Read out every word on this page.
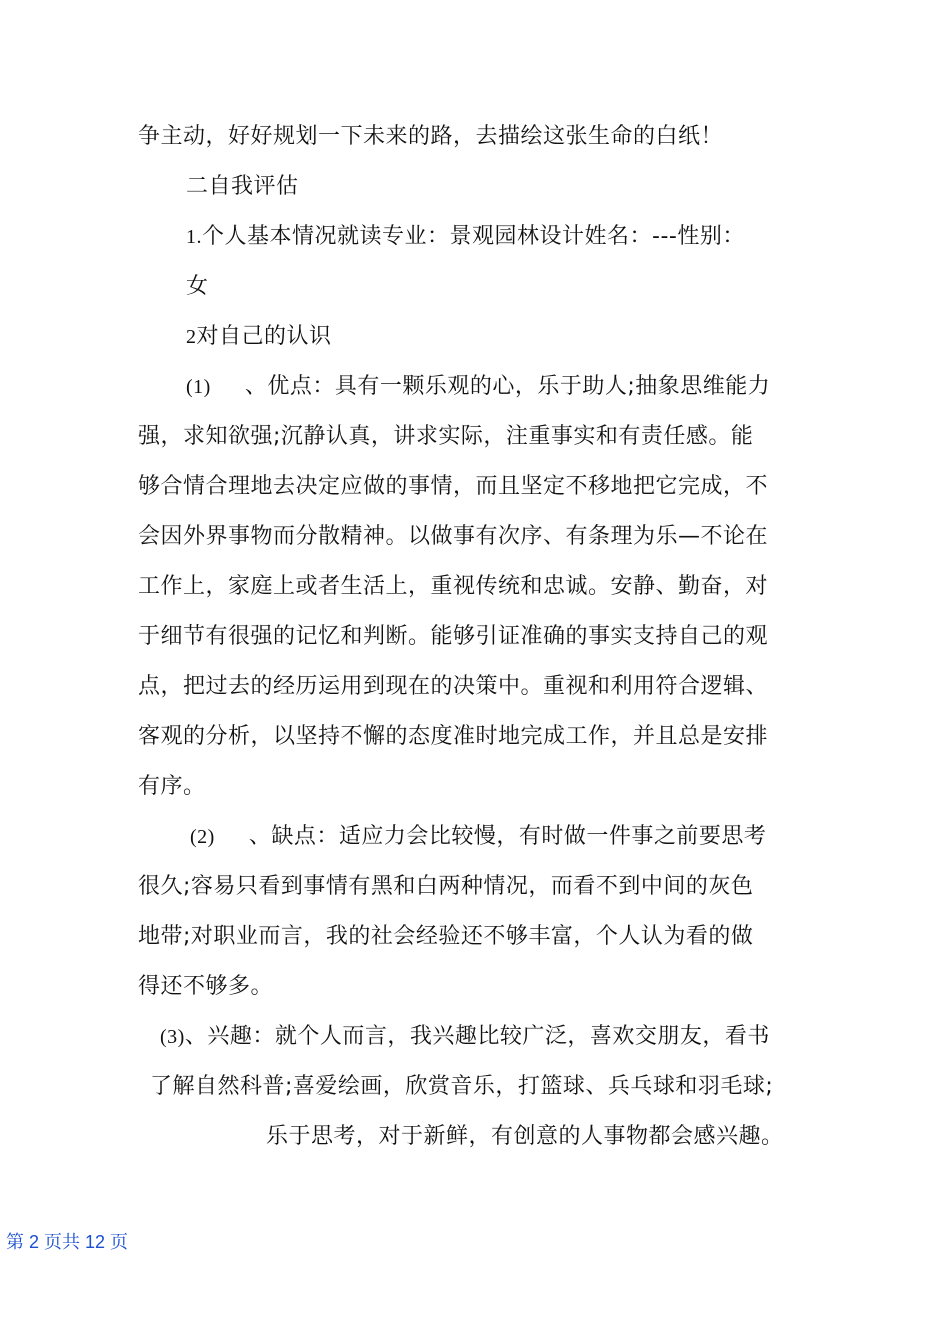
争主动，好好规划一下未来的路，去描绘这张生命的白纸！
二自我评估
1.个人基本情况就读专业：景观园林设计姓名：---性别：
女
2对自己的认识
(1) 、优点：具有一颗乐观的心，乐于助人;抽象思维能力
强，求知欲强;沉静认真，讲求实际，注重事实和有责任感。能
够合情合理地去决定应做的事情，而且坚定不移地把它完成，不
会因外界事物而分散精神。以做事有次序、有条理为乐—不论在
工作上，家庭上或者生活上，重视传统和忠诚。安静、勤奋，对
于细节有很强的记忆和判断。能够引证准确的事实支持自己的观
点，把过去的经历运用到现在的决策中。重视和利用符合逻辑、
客观的分析，以坚持不懈的态度准时地完成工作，并且总是安排
有序。
(2) 、缺点：适应力会比较慢，有时做一件事之前要思考
很久;容易只看到事情有黑和白两种情况，而看不到中间的灰色
地带;对职业而言，我的社会经验还不够丰富，个人认为看的做
得还不够多。
(3)、兴趣：就个人而言，我兴趣比较广泛，喜欢交朋友，看书
了解自然科普;喜爱绘画，欣赏音乐，打篮球、兵乓球和羽毛球;
乐于思考，对于新鲜，有创意的人事物都会感兴趣。
第 2 页共 12 页
